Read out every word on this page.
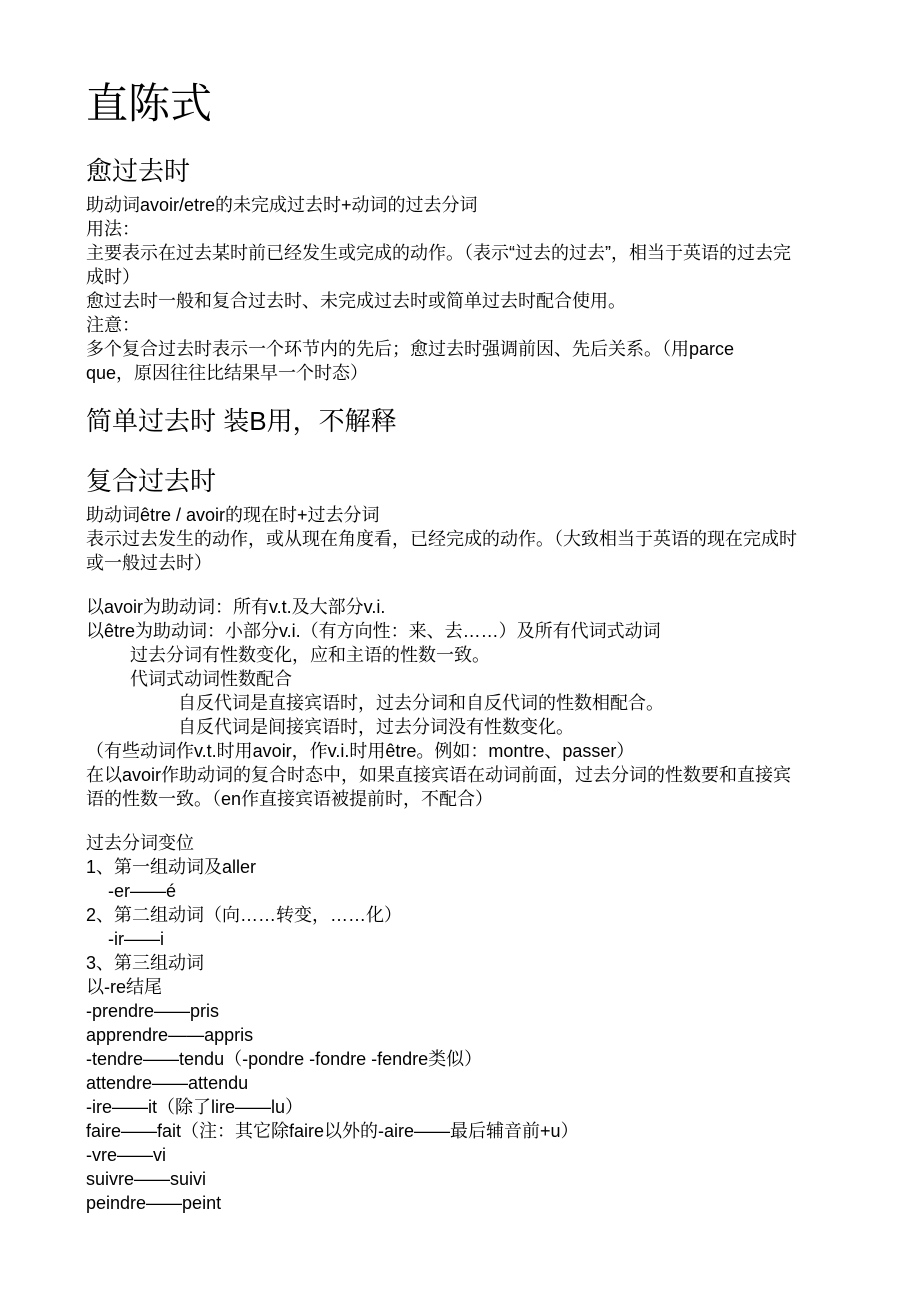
直陈式
愈过去时
助动词avoir/etre的未完成过去时+动词的过去分词
用法：
主要表示在过去某时前已经发生或完成的动作。（表示“过去的过去”，相当于英语的过去完
成时）
愈过去时一般和复合过去时、未完成过去时或简单过去时配合使用。
注意：
多个复合过去时表示一个环节内的先后；愈过去时强调前因、先后关系。（用parce
que，原因往往比结果早一个时态）
简单过去时 装B用，不解释
复合过去时
助动词être / avoir的现在时+过去分词
表示过去发生的动作，或从现在角度看，已经完成的动作。（大致相当于英语的现在完成时
或一般过去时）
以avoir为助动词：所有v.t.及大部分v.i.
以être为助动词：小部分v.i.（有方向性：来、去……）及所有代词式动词
过去分词有性数变化，应和主语的性数一致。
代词式动词性数配合
自反代词是直接宾语时，过去分词和自反代词的性数相配合。
自反代词是间接宾语时，过去分词没有性数变化。
（有些动词作v.t.时用avoir，作v.i.时用être。例如：montre、passer）
在以avoir作助动词的复合时态中，如果直接宾语在动词前面，过去分词的性数要和直接宾
语的性数一致。（en作直接宾语被提前时，不配合）
过去分词变位
1、第一组动词及aller
-er——é
2、第二组动词（向……转变，……化）
-ir——i
3、第三组动词
以-re结尾
-prendre——pris
apprendre——appris
-tendre——tendu（-pondre -fondre -fendre类似）
attendre——attendu
-ire——it（除了lire——lu）
faire——fait（注：其它除faire以外的-aire——最后辅音前+u）
-vre——vi
suivre——suivi
peindre——peint
